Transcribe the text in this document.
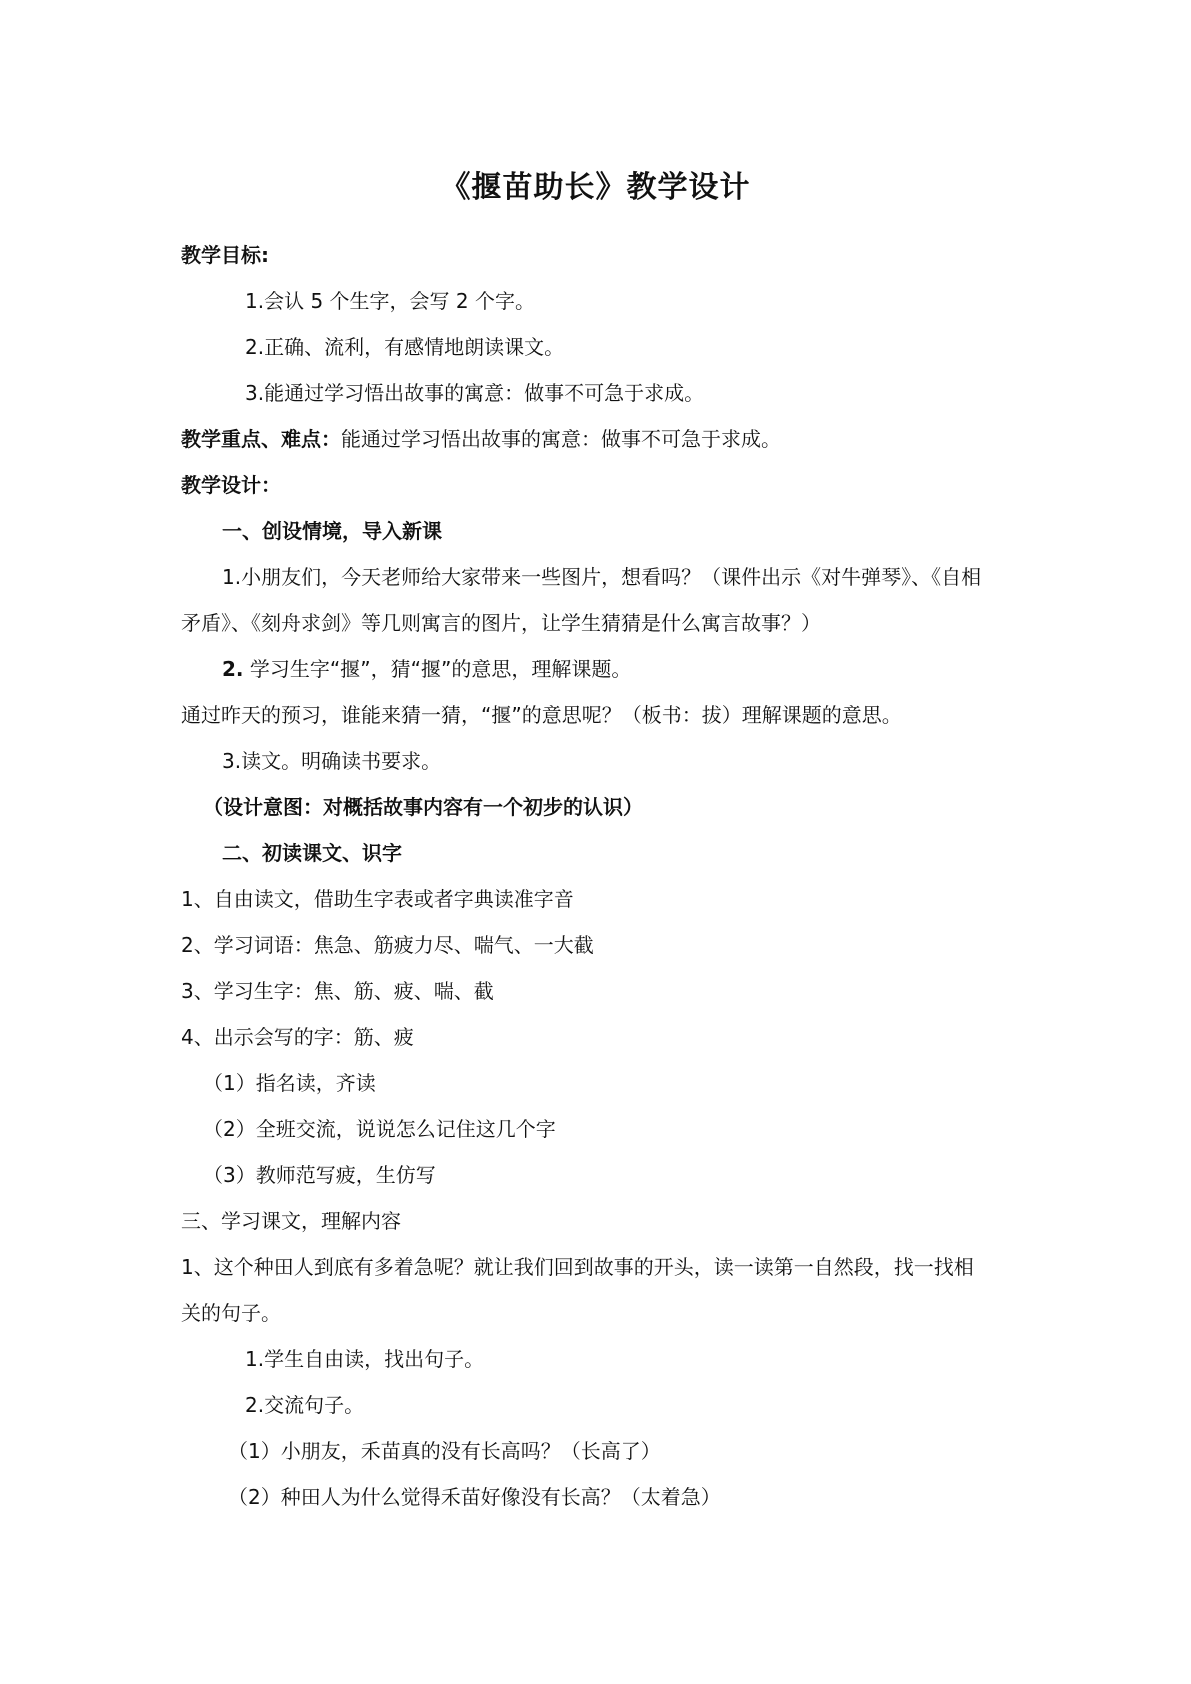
《揠苗助长》教学设计
教学目标:
1.会认 5 个生字，会写 2 个字。
2.正确、流利，有感情地朗读课文。
3.能通过学习悟出故事的寓意：做事不可急于求成。
教学重点、难点：能通过学习悟出故事的寓意：做事不可急于求成。
教学设计：
一、创设情境，导入新课
1.小朋友们，今天老师给大家带来一些图片，想看吗？（课件出示《对牛弹琴》、《自相
矛盾》、《刻舟求剑》等几则寓言的图片，让学生猜猜是什么寓言故事？）
2. 学习生字“揠”，猜“揠”的意思，理解课题。
通过昨天的预习，谁能来猜一猜，“揠”的意思呢？（板书：拔）理解课题的意思。
3.读文。明确读书要求。
（设计意图：对概括故事内容有一个初步的认识）
二、初读课文、识字
1、自由读文，借助生字表或者字典读准字音
2、学习词语：焦急、筋疲力尽、喘气、一大截
3、学习生字：焦、筋、疲、喘、截
4、出示会写的字：筋、疲
（1）指名读，齐读
（2）全班交流，说说怎么记住这几个字
（3）教师范写疲，生仿写
三、学习课文，理解内容
1、这个种田人到底有多着急呢？就让我们回到故事的开头，读一读第一自然段，找一找相
关的句子。
1.学生自由读，找出句子。
2.交流句子。
（1）小朋友，禾苗真的没有长高吗？（长高了）
（2）种田人为什么觉得禾苗好像没有长高？（太着急）
